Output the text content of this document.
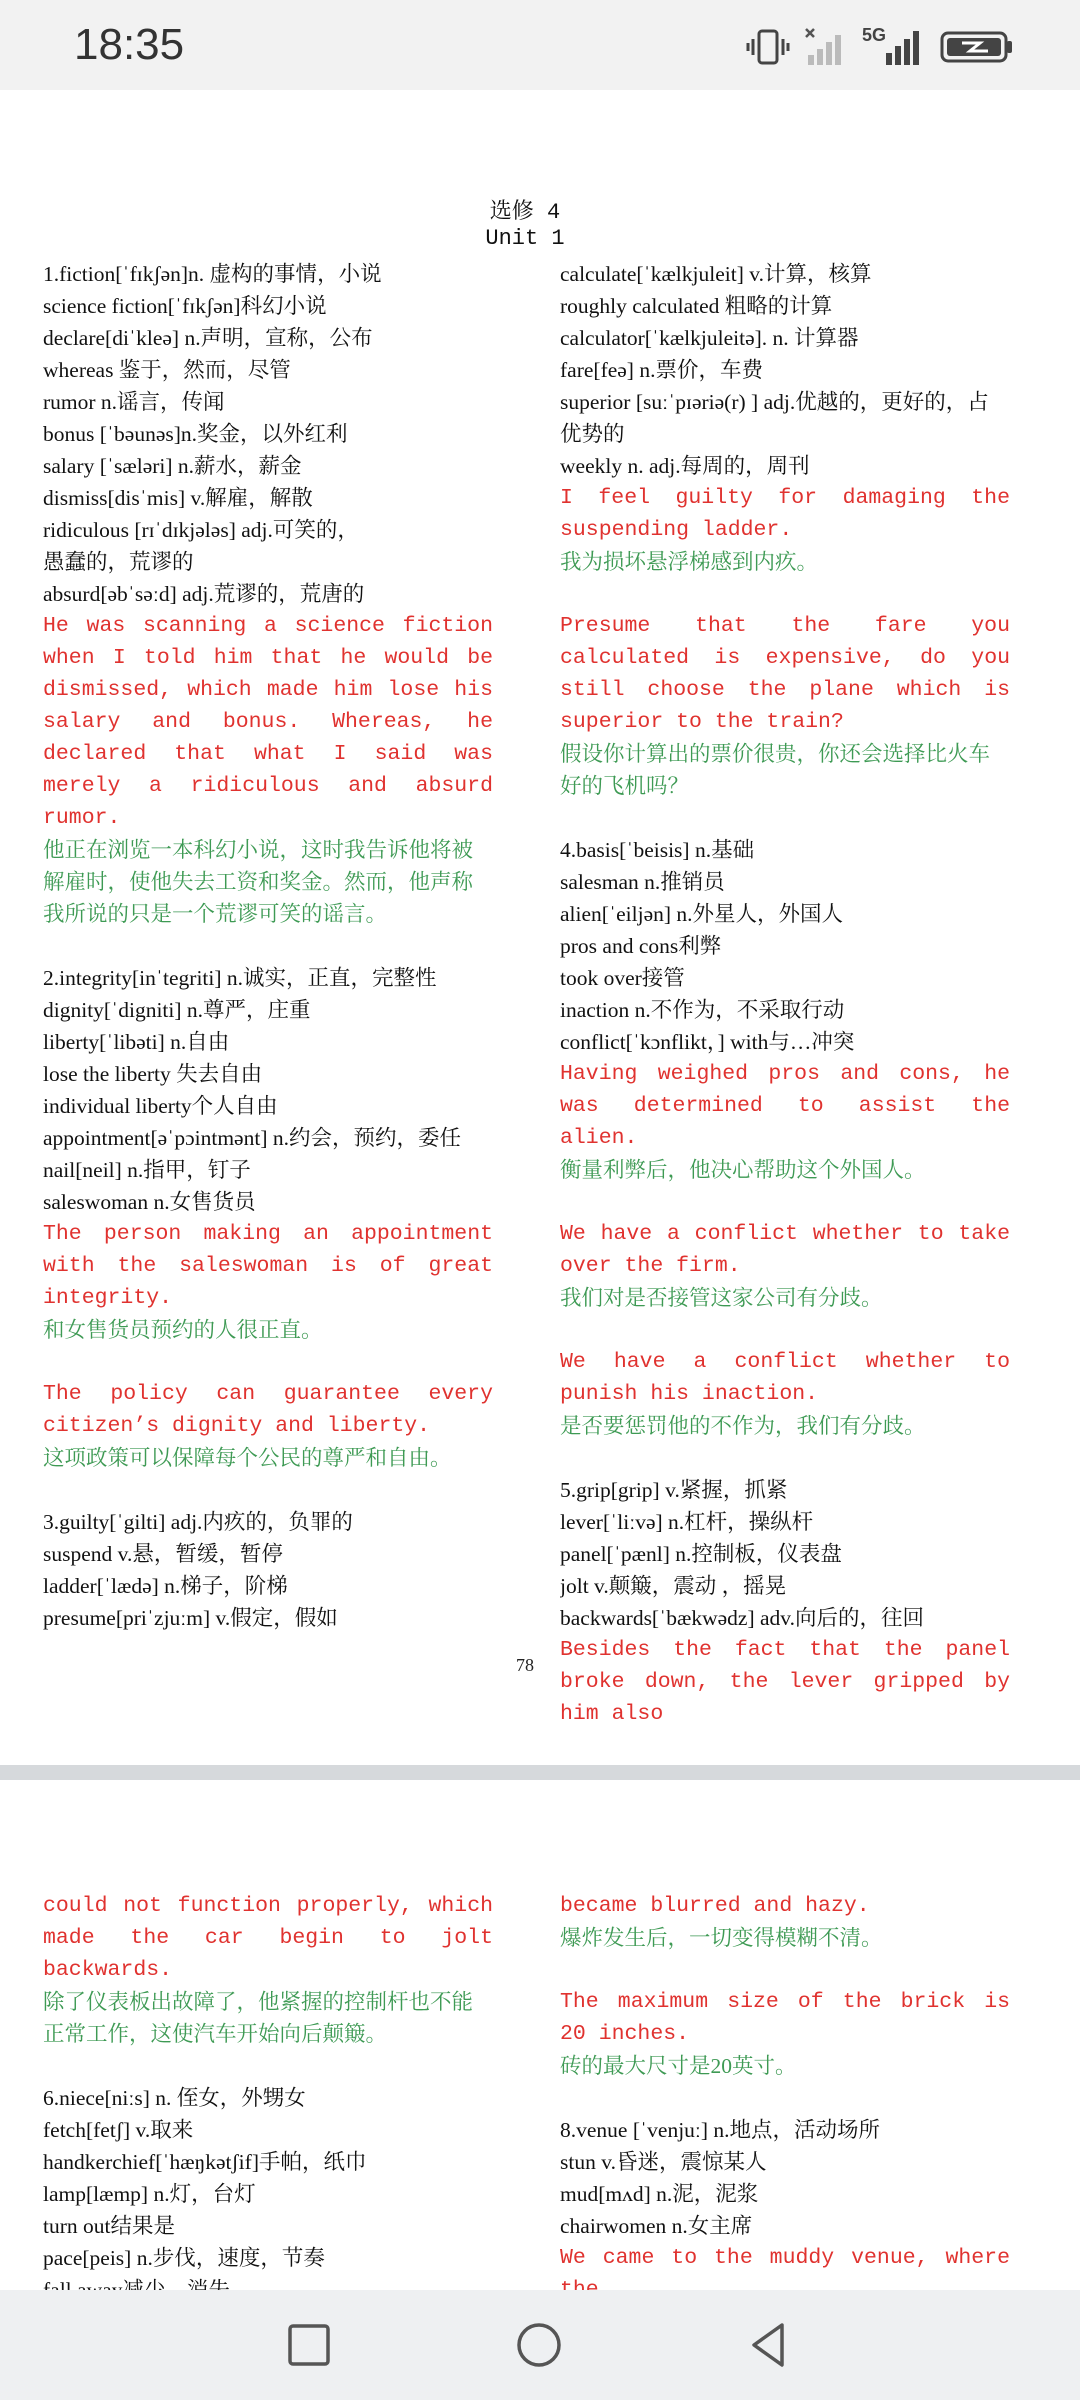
18:35	5G
选修 4
Unit 1
1.fiction[ˈfɪkʃən]n. 虚构的事情，小说
science fiction[ˈfɪkʃən]科幻小说
declare[diˈkleə] n.声明，宣称，公布
whereas 鉴于，然而，尽管
rumor n.谣言，传闻
bonus [ˈbəunəs]n.奖金，以外红利
salary [ˈsæləri] n.薪水，薪金
dismiss[disˈmis] v.解雇，解散
ridiculous [rɪˈdɪkjələs] adj.可笑的，
愚蠢的，荒谬的
absurd[əbˈsəːd] adj.荒谬的，荒唐的
He was scanning a science fiction when I told him that he would be dismissed, which made him lose his salary and bonus. Whereas, he declared that what I said was merely a ridiculous and absurd rumor.
他正在浏览一本科幻小说，这时我告诉他将被解雇时，使他失去工资和奖金。然而，他声称我所说的只是一个荒谬可笑的谣言。
2.integrity[inˈtegriti] n.诚实，正直，完整性
dignity[ˈdigniti] n.尊严，庄重
liberty[ˈlibəti] n.自由
lose the liberty 失去自由
individual liberty个人自由
appointment[əˈpɔintmənt] n.约会，预约，委任
nail[neil] n.指甲，钉子
saleswoman n.女售货员
The person making an appointment with the saleswoman is of great integrity.
和女售货员预约的人很正直。
The policy can guarantee every citizen’s dignity and liberty.
这项政策可以保障每个公民的尊严和自由。
3.guilty[ˈgilti] adj.内疚的，负罪的
suspend v.悬，暂缓，暂停
ladder[ˈlædə] n.梯子，阶梯
presume[priˈzjuːm] v.假定，假如
calculate[ˈkælkjuleit] v.计算，核算
roughly calculated 粗略的计算
calculator[ˈkælkjuleitə]. n. 计算器
fare[feə] n.票价，车费
superior [suːˈpɪəriə(r) ] adj.优越的，更好的，占优势的
weekly n. adj.每周的，周刊
I feel guilty for damaging the suspending ladder.
我为损坏悬浮梯感到内疚。
Presume that the fare you calculated is expensive, do you still choose the plane which is superior to the train?
假设你计算出的票价很贵，你还会选择比火车好的飞机吗？
4.basis[ˈbeisis] n.基础
salesman n.推销员
alien[ˈeiljən] n.外星人，外国人
pros and cons利弊
took over接管
inaction n.不作为，不采取行动
conflict[ˈkɔnflikt，] with与…冲突
Having weighed pros and cons, he was determined to assist the alien.
衡量利弊后，他决心帮助这个外国人。
We have a conflict whether to take over the firm.
我们对是否接管这家公司有分歧。
We have a conflict whether to punish his inaction.
是否要惩罚他的不作为，我们有分歧。
5.grip[grip] v.紧握，抓紧
lever[ˈliːvə] n.杠杆，操纵杆
panel[ˈpænl] n.控制板，仪表盘
jolt v.颠簸，震动 ，摇晃
backwards[ˈbækwədz] adv.向后的，往回
Besides the fact that the panel broke down, the lever gripped by him also
78
could not function properly, which made the car begin to jolt backwards.
除了仪表板出故障了，他紧握的控制杆也不能正常工作，这使汽车开始向后颠簸。
6.niece[niːs] n. 侄女，外甥女
fetch[fetʃ] v.取来
handkerchief[ˈhæŋkətʃif]手帕，纸巾
lamp[læmp] n.灯，台灯
turn out结果是
pace[peis] n.步伐，速度，节奏
became blurred and hazy.
爆炸发生后，一切变得模糊不清。
The maximum size of the brick is 20 inches.
砖的最大尺寸是20英寸。
8.venue [ˈvenjuː] n.地点，活动场所
stun v.昏迷，震惊某人
mud[mʌd] n.泥，泥浆
chairwomen n.女主席
We came to the muddy venue, where
